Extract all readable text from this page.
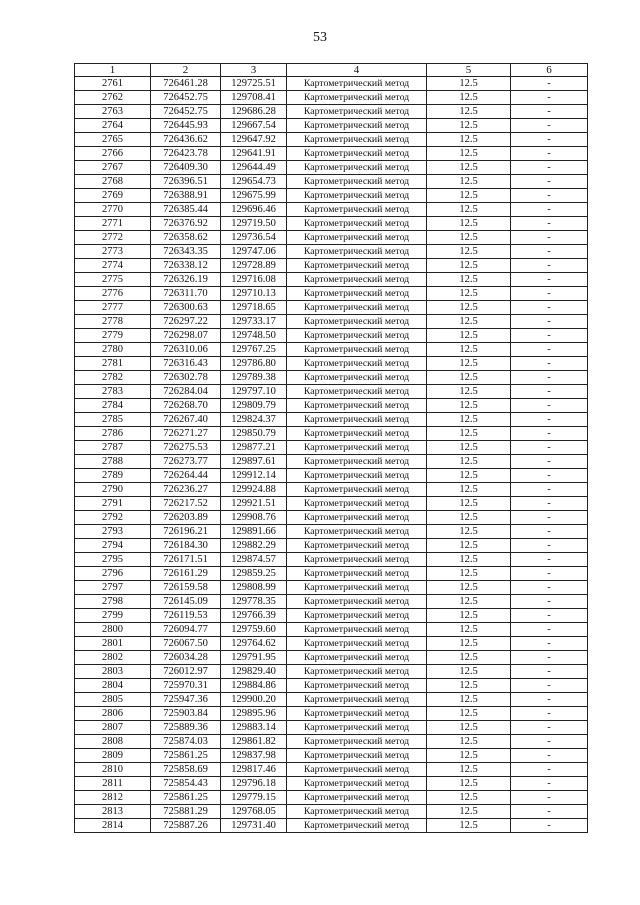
53
1	2	3	4	5	6
2761	726461.28	129725.51	Картометрический метод	12.5	-
2762	726452.75	129708.41	Картометрический метод	12.5	-
2763	726452.75	129686.28	Картометрический метод	12.5	-
2764	726445.93	129667.54	Картометрический метод	12.5	-
2765	726436.62	129647.92	Картометрический метод	12.5	-
2766	726423.78	129641.91	Картометрический метод	12.5	-
2767	726409.30	129644.49	Картометрический метод	12.5	-
2768	726396.51	129654.73	Картометрический метод	12.5	-
2769	726388.91	129675.99	Картометрический метод	12.5	-
2770	726385.44	129696.46	Картометрический метод	12.5	-
2771	726376.92	129719.50	Картометрический метод	12.5	-
2772	726358.62	129736.54	Картометрический метод	12.5	-
2773	726343.35	129747.06	Картометрический метод	12.5	-
2774	726338.12	129728.89	Картометрический метод	12.5	-
2775	726326.19	129716.08	Картометрический метод	12.5	-
2776	726311.70	129710.13	Картометрический метод	12.5	-
2777	726300.63	129718.65	Картометрический метод	12.5	-
2778	726297.22	129733.17	Картометрический метод	12.5	-
2779	726298.07	129748.50	Картометрический метод	12.5	-
2780	726310.06	129767.25	Картометрический метод	12.5	-
2781	726316.43	129786.80	Картометрический метод	12.5	-
2782	726302.78	129789.38	Картометрический метод	12.5	-
2783	726284.04	129797.10	Картометрический метод	12.5	-
2784	726268.70	129809.79	Картометрический метод	12.5	-
2785	726267.40	129824.37	Картометрический метод	12.5	-
2786	726271.27	129850.79	Картометрический метод	12.5	-
2787	726275.53	129877.21	Картометрический метод	12.5	-
2788	726273.77	129897.61	Картометрический метод	12.5	-
2789	726264.44	129912.14	Картометрический метод	12.5	-
2790	726236.27	129924.88	Картометрический метод	12.5	-
2791	726217.52	129921.51	Картометрический метод	12.5	-
2792	726203.89	129908.76	Картометрический метод	12.5	-
2793	726196.21	129891.66	Картометрический метод	12.5	-
2794	726184.30	129882.29	Картометрический метод	12.5	-
2795	726171.51	129874.57	Картометрический метод	12.5	-
2796	726161.29	129859.25	Картометрический метод	12.5	-
2797	726159.58	129808.99	Картометрический метод	12.5	-
2798	726145.09	129778.35	Картометрический метод	12.5	-
2799	726119.53	129766.39	Картометрический метод	12.5	-
2800	726094.77	129759.60	Картометрический метод	12.5	-
2801	726067.50	129764.62	Картометрический метод	12.5	-
2802	726034.28	129791.95	Картометрический метод	12.5	-
2803	726012.97	129829.40	Картометрический метод	12.5	-
2804	725970.31	129884.86	Картометрический метод	12.5	-
2805	725947.36	129900.20	Картометрический метод	12.5	-
2806	725903.84	129895.96	Картометрический метод	12.5	-
2807	725889.36	129883.14	Картометрический метод	12.5	-
2808	725874.03	129861.82	Картометрический метод	12.5	-
2809	725861.25	129837.98	Картометрический метод	12.5	-
2810	725858.69	129817.46	Картометрический метод	12.5	-
2811	725854.43	129796.18	Картометрический метод	12.5	-
2812	725861.25	129779.15	Картометрический метод	12.5	-
2813	725881.29	129768.05	Картометрический метод	12.5	-
2814	725887.26	129731.40	Картометрический метод	12.5	-
